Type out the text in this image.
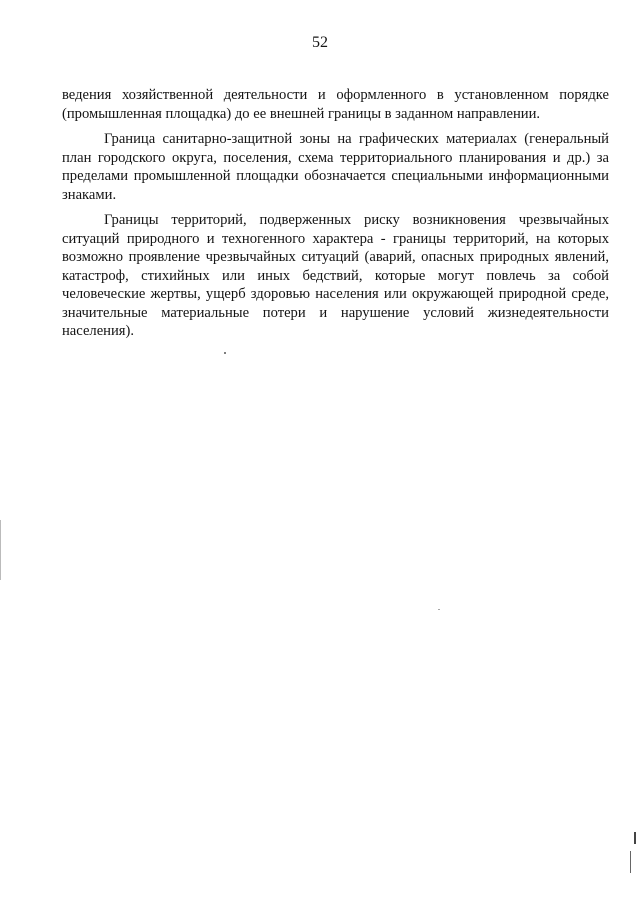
52

ведения хозяйственной деятельности и оформленного в установленном порядке (промышленная площадка) до ее внешней границы в заданном направлении.

Граница санитарно-защитной зоны на графических материалах (генеральный план городского округа, поселения, схема территориального планирования и др.) за пределами промышленной площадки обозначается специальными информационными знаками.

Границы территорий, подверженных риску возникновения чрезвычайных ситуаций природного и техногенного характера - границы территорий, на которых возможно проявление чрезвычайных ситуаций (аварий, опасных природных явлений, катастроф, стихийных или иных бедствий, которые могут повлечь за собой человеческие жертвы, ущерб здоровью населения или окружающей природной среде, значительные материальные потери и нарушение условий жизнедеятельности населения).
